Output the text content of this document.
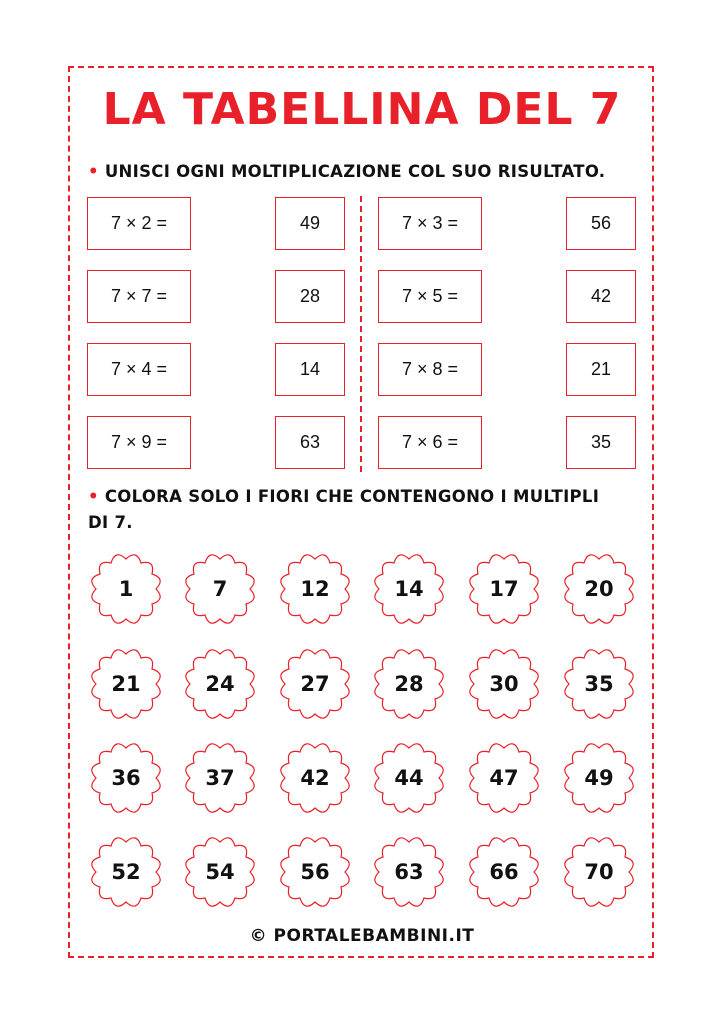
LA TABELLINA DEL 7
• UNISCI OGNI MOLTIPLICAZIONE COL SUO RISULTATO.
• COLORA SOLO I FIORI CHE CONTENGONO I MULTIPLI
DI 7.
© PORTALEBAMBINI.IT
7 × 2 =
7 × 7 =
7 × 4 =
7 × 9 =
49
28
14
63
7 × 3 =
7 × 5 =
7 × 8 =
7 × 6 =
56
42
21
35
1	7	12	14	17	20
21	24	27	28	30	35
36	37	42	44	47	49
52	54	56	63	66	70
